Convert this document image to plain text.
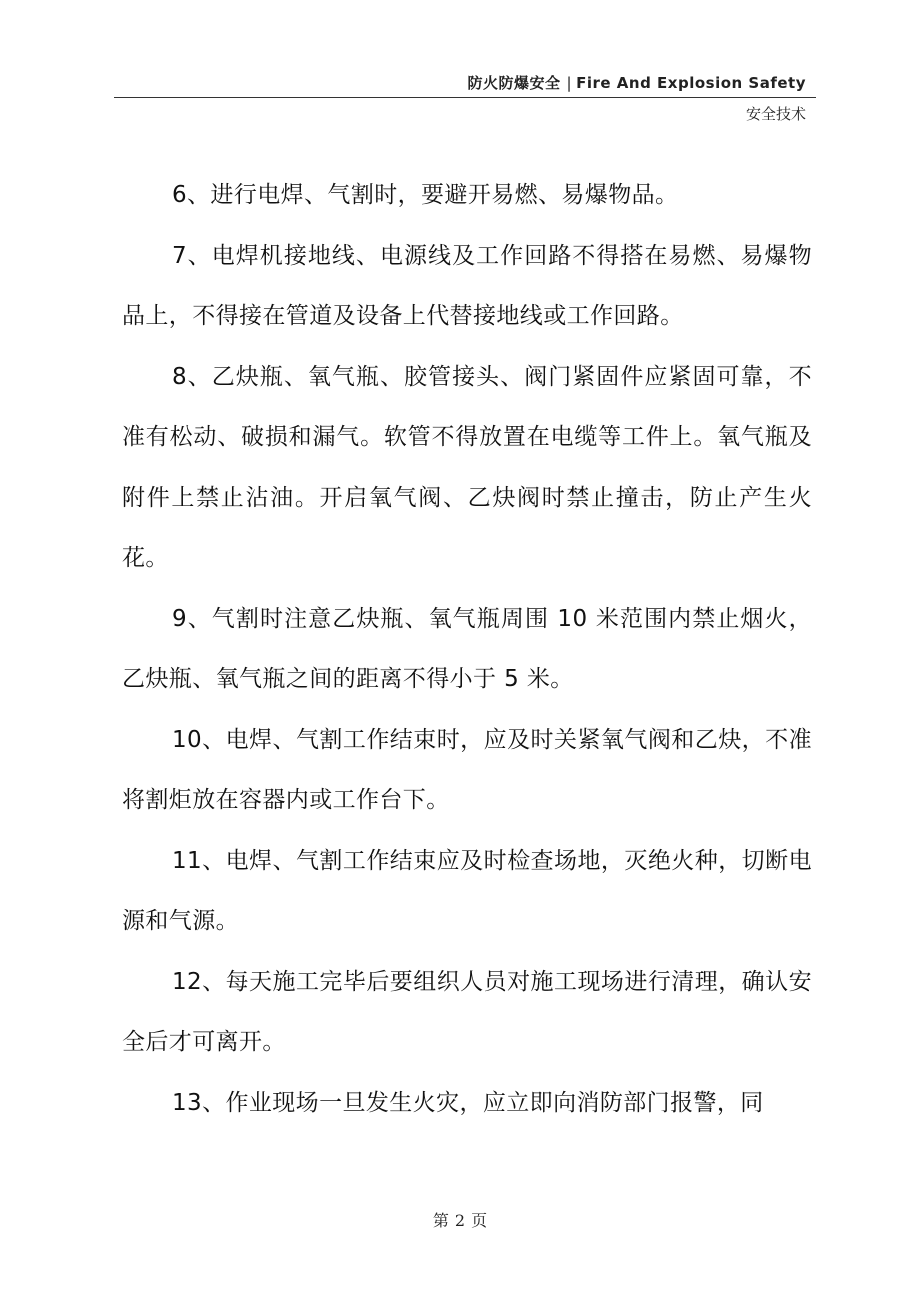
防火防爆安全 | Fire And Explosion Safety
安全技术

6、进行电焊、气割时，要避开易燃、易爆物品。

7、电焊机接地线、电源线及工作回路不得搭在易燃、易爆物品上，不得接在管道及设备上代替接地线或工作回路。

8、乙炔瓶、氧气瓶、胶管接头、阀门紧固件应紧固可靠，不准有松动、破损和漏气。软管不得放置在电缆等工件上。氧气瓶及附件上禁止沾油。开启氧气阀、乙炔阀时禁止撞击，防止产生火花。

9、气割时注意乙炔瓶、氧气瓶周围 10 米范围内禁止烟火，乙炔瓶、氧气瓶之间的距离不得小于 5 米。

10、电焊、气割工作结束时，应及时关紧氧气阀和乙炔，不准将割炬放在容器内或工作台下。

11、电焊、气割工作结束应及时检查场地，灭绝火种，切断电源和气源。

12、每天施工完毕后要组织人员对施工现场进行清理，确认安全后才可离开。

13、作业现场一旦发生火灾，应立即向消防部门报警，同

第 2 页
